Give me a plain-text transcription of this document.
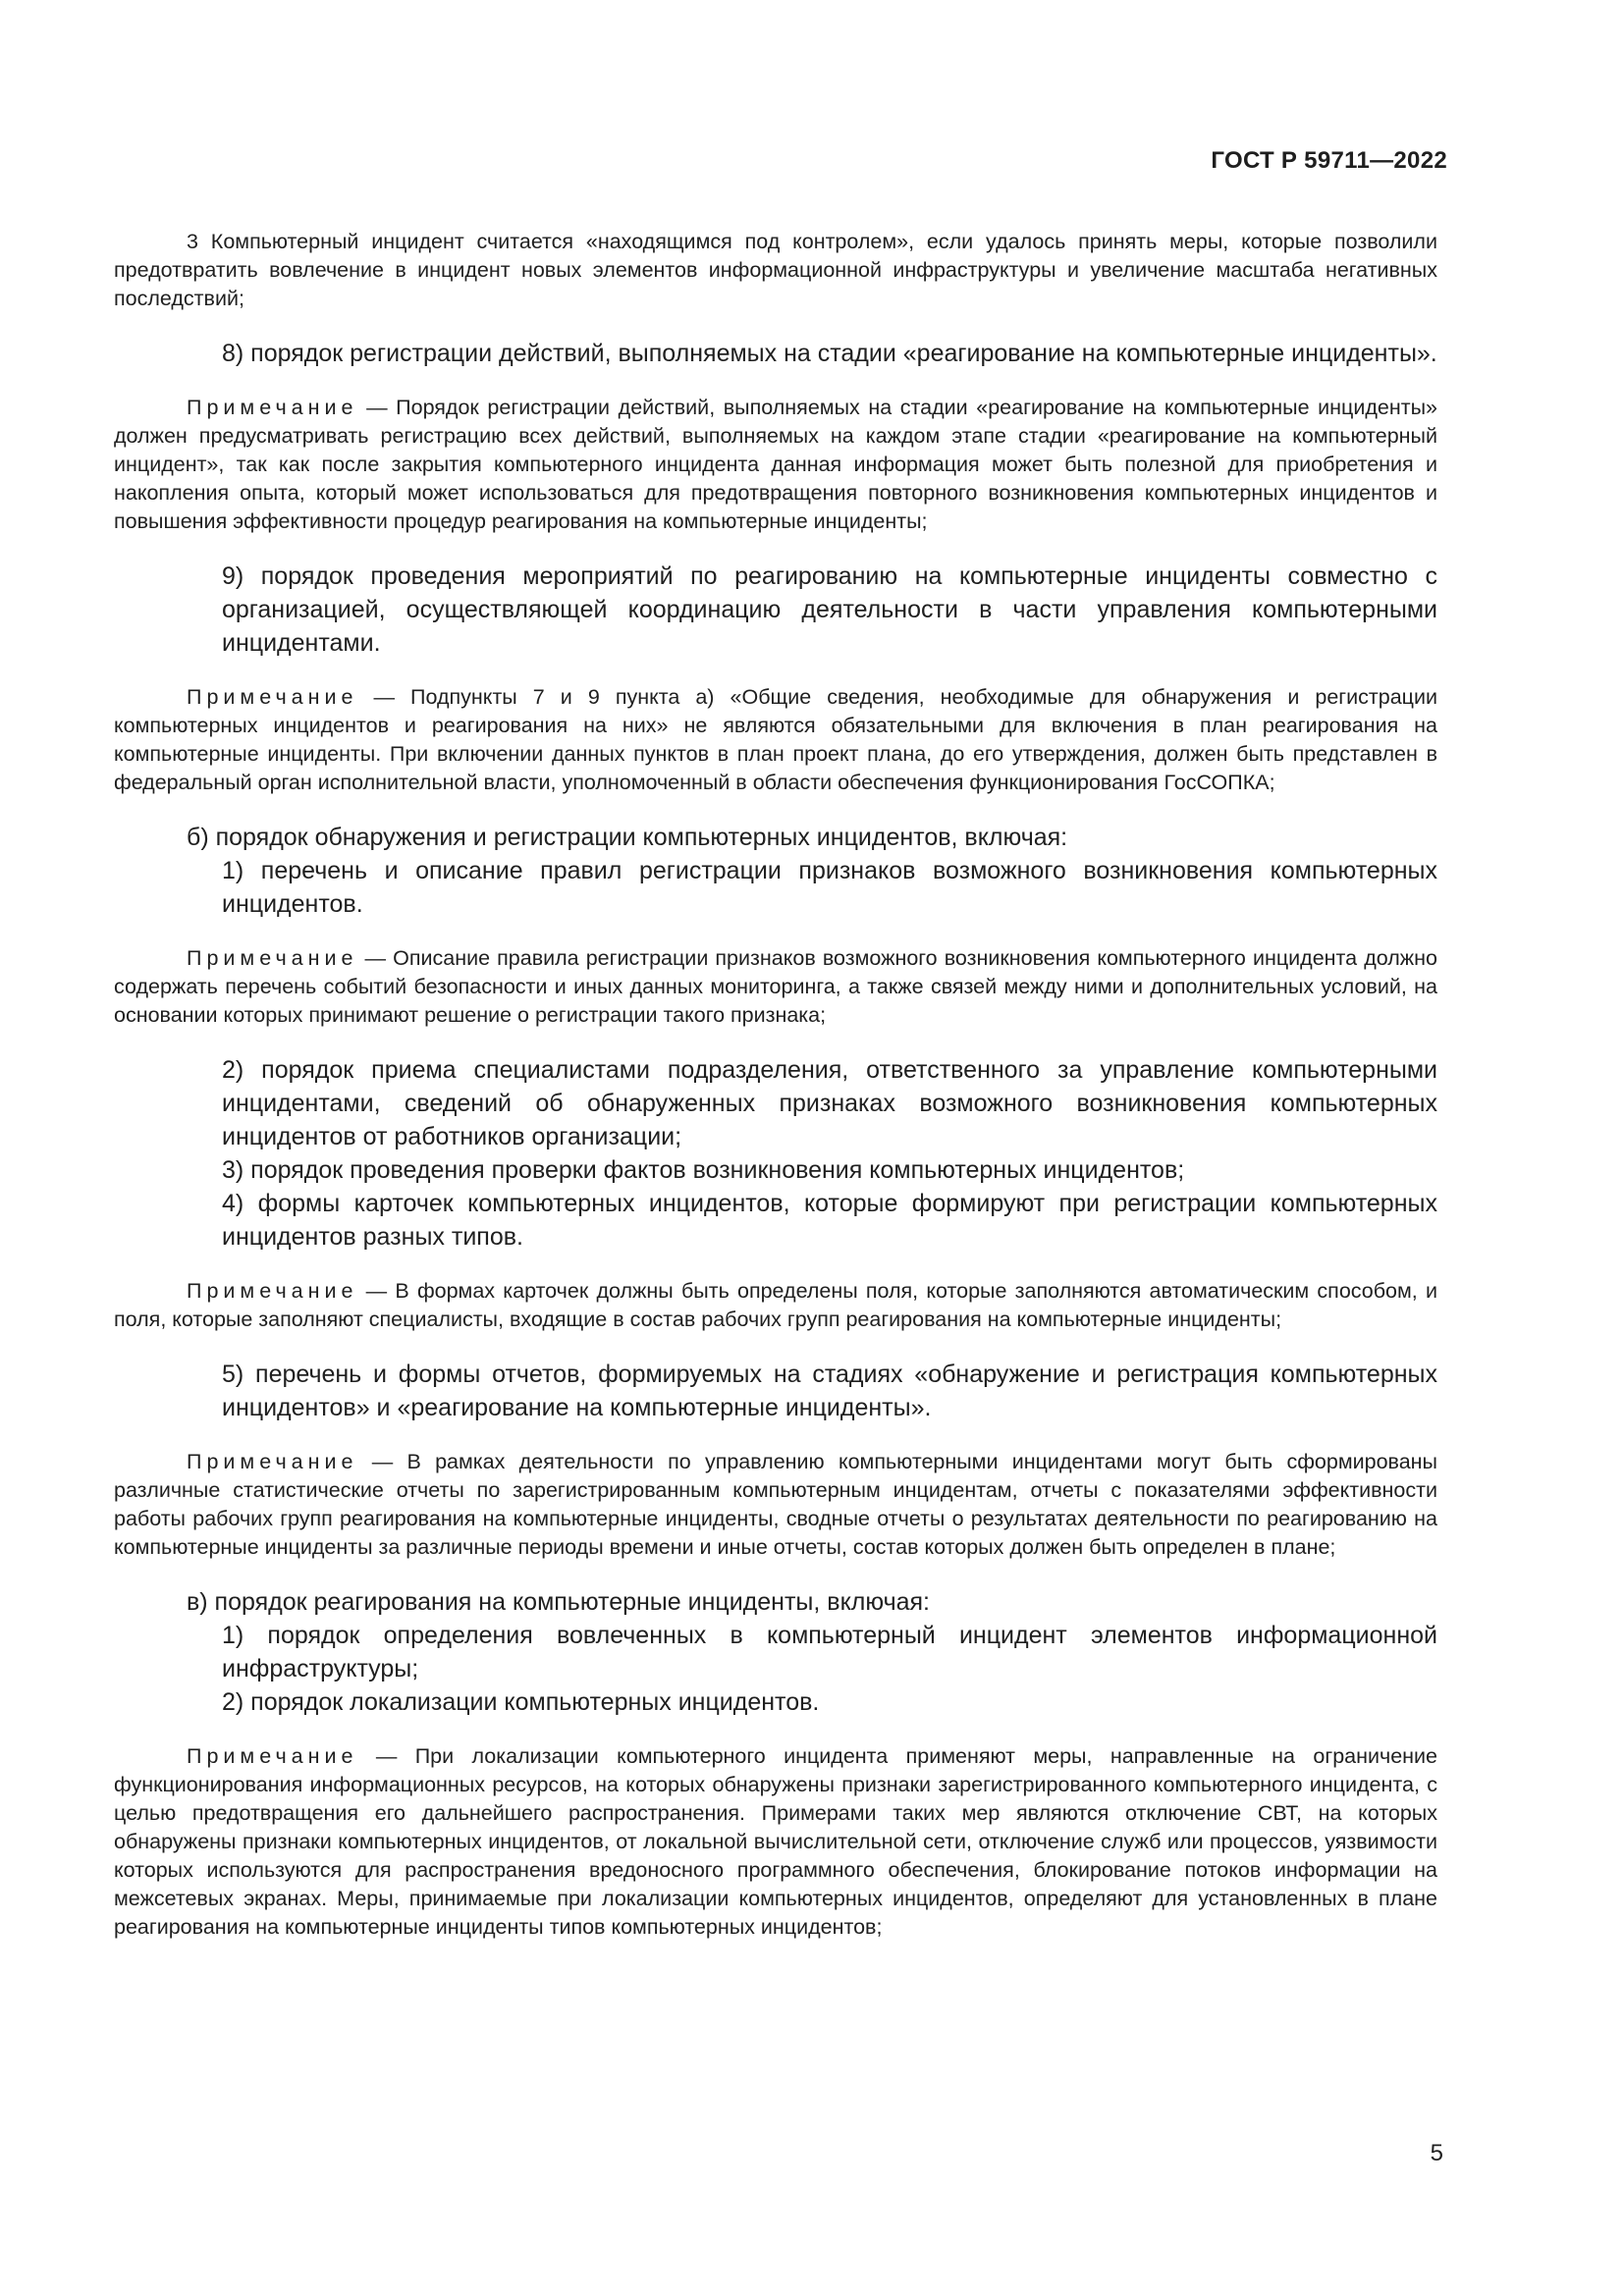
ГОСТ Р 59711—2022

3 Компьютерный инцидент считается «находящимся под контролем», если удалось принять меры, которые позволили предотвратить вовлечение в инцидент новых элементов информационной инфраструктуры и увеличение масштаба негативных последствий;

8) порядок регистрации действий, выполняемых на стадии «реагирование на компьютерные инциденты».

Примечание — Порядок регистрации действий, выполняемых на стадии «реагирование на компьютерные инциденты» должен предусматривать регистрацию всех действий, выполняемых на каждом этапе стадии «реагирование на компьютерный инцидент», так как после закрытия компьютерного инцидента данная информация может быть полезной для приобретения и накопления опыта, который может использоваться для предотвращения повторного возникновения компьютерных инцидентов и повышения эффективности процедур реагирования на компьютерные инциденты;

9) порядок проведения мероприятий по реагированию на компьютерные инциденты совместно с организацией, осуществляющей координацию деятельности в части управления компьютерными инцидентами.

Примечание — Подпункты 7 и 9 пункта а) «Общие сведения, необходимые для обнаружения и регистрации компьютерных инцидентов и реагирования на них» не являются обязательными для включения в план реагирования на компьютерные инциденты. При включении данных пунктов в план проект плана, до его утверждения, должен быть представлен в федеральный орган исполнительной власти, уполномоченный в области обеспечения функционирования ГосСОПКА;

б) порядок обнаружения и регистрации компьютерных инцидентов, включая:

1) перечень и описание правил регистрации признаков возможного возникновения компьютерных инцидентов.

Примечание — Описание правила регистрации признаков возможного возникновения компьютерного инцидента должно содержать перечень событий безопасности и иных данных мониторинга, а также связей между ними и дополнительных условий, на основании которых принимают решение о регистрации такого признака;

2) порядок приема специалистами подразделения, ответственного за управление компьютерными инцидентами, сведений об обнаруженных признаках возможного возникновения компьютерных инцидентов от работников организации;

3) порядок проведения проверки фактов возникновения компьютерных инцидентов;

4) формы карточек компьютерных инцидентов, которые формируют при регистрации компьютерных инцидентов разных типов.

Примечание — В формах карточек должны быть определены поля, которые заполняются автоматическим способом, и поля, которые заполняют специалисты, входящие в состав рабочих групп реагирования на компьютерные инциденты;

5) перечень и формы отчетов, формируемых на стадиях «обнаружение и регистрация компьютерных инцидентов» и «реагирование на компьютерные инциденты».

Примечание — В рамках деятельности по управлению компьютерными инцидентами могут быть сформированы различные статистические отчеты по зарегистрированным компьютерным инцидентам, отчеты с показателями эффективности работы рабочих групп реагирования на компьютерные инциденты, сводные отчеты о результатах деятельности по реагированию на компьютерные инциденты за различные периоды времени и иные отчеты, состав которых должен быть определен в плане;

в) порядок реагирования на компьютерные инциденты, включая:

1) порядок определения вовлеченных в компьютерный инцидент элементов информационной инфраструктуры;

2) порядок локализации компьютерных инцидентов.

Примечание — При локализации компьютерного инцидента применяют меры, направленные на ограничение функционирования информационных ресурсов, на которых обнаружены признаки зарегистрированного компьютерного инцидента, с целью предотвращения его дальнейшего распространения. Примерами таких мер являются отключение СВТ, на которых обнаружены признаки компьютерных инцидентов, от локальной вычислительной сети, отключение служб или процессов, уязвимости которых используются для распространения вредоносного программного обеспечения, блокирование потоков информации на межсетевых экранах. Меры, принимаемые при локализации компьютерных инцидентов, определяют для установленных в плане реагирования на компьютерные инциденты типов компьютерных инцидентов;

5
